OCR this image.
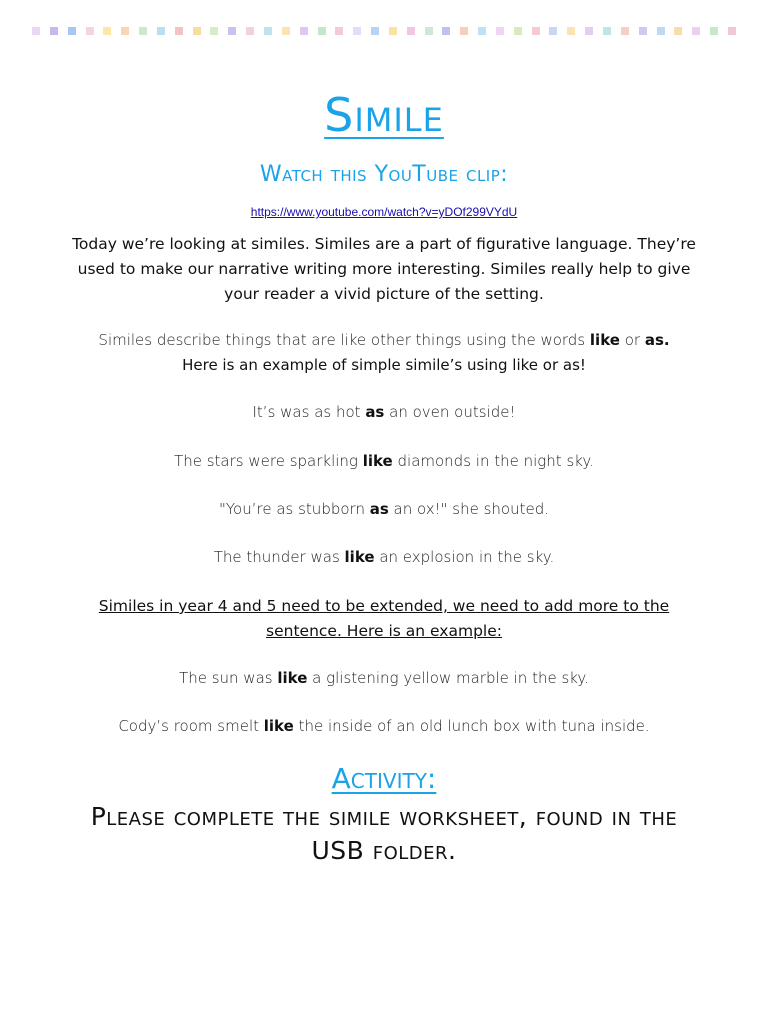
Simile
Watch this YouTube clip:
https://www.youtube.com/watch?v=yDOf299VYdU
Today we’re looking at similes. Similes are a part of figurative language. They’re used to make our narrative writing more interesting. Similes really help to give your reader a vivid picture of the setting.
Similes describe things that are like other things using the words like or as.
Here is an example of simple simile’s using like or as!
It’s was as hot as an oven outside!
The stars were sparkling like diamonds in the night sky.
"You’re as stubborn as an ox!" she shouted.
The thunder was like an explosion in the sky.
Similes in year 4 and 5 need to be extended, we need to add more to the sentence. Here is an example:
The sun was like a glistening yellow marble in the sky.
Cody’s room smelt like the inside of an old lunch box with tuna inside.
Activity:
Please complete the simile worksheet, found in the USB folder.
